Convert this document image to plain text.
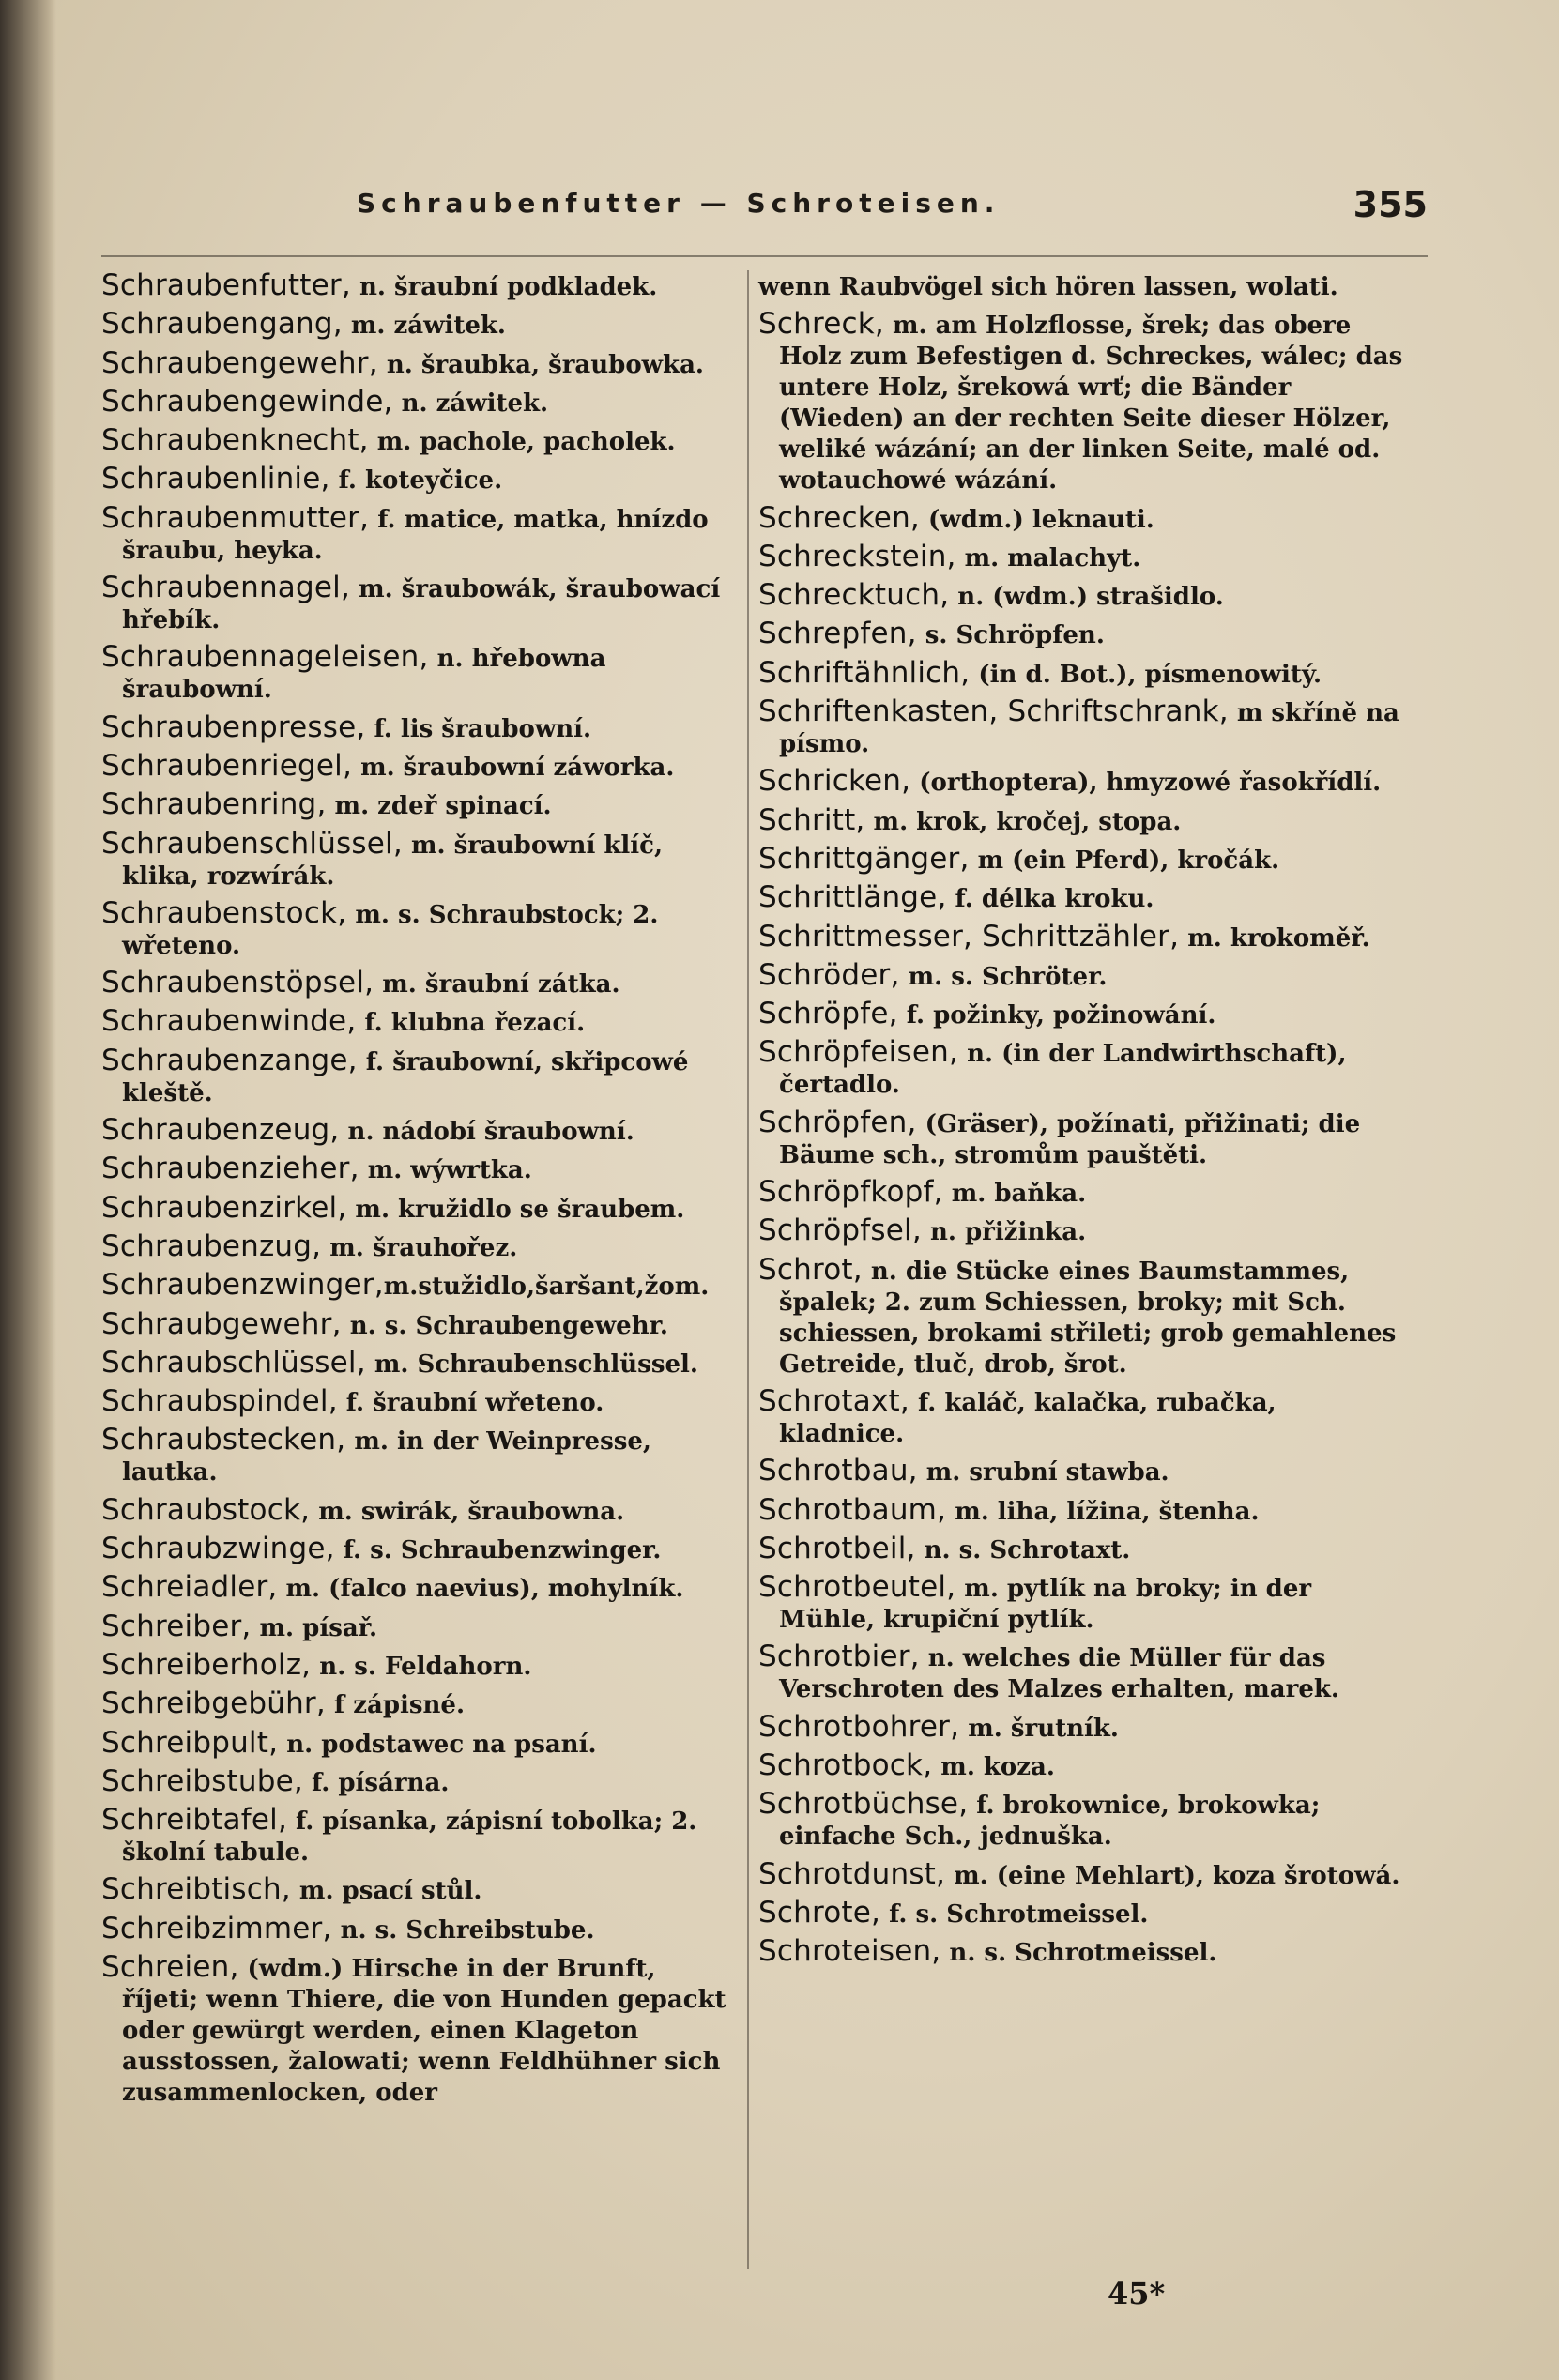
Schraubenfutter — Schroteisen.	355
Schraubenfutter, n. šraubní podkladek.
Schraubengang, m. záwitek.
Schraubengewehr, n. šraubka, šraubowka.
Schraubengewinde, n. záwitek.
Schraubenknecht, m. pachole, pacholek.
Schraubenlinie, f. koteyčice.
Schraubenmutter, f. matice, matka, hnízdo šraubu, heyka.
Schraubennagel, m. šraubowák, šraubowací hřebík.
Schraubennageleisen, n. hřebowna šraubowní.
Schraubenpresse, f. lis šraubowní.
Schraubenriegel, m. šraubowní záworka.
Schraubenring, m. zdeř spinací.
Schraubenschlüssel, m. šraubowní klíč, klika, rozwírák.
Schraubenstock, m. s. Schraubstock; 2. wřeteno.
Schraubenstöpsel, m. šraubní zátka.
Schraubenwinde, f. klubna řezací.
Schraubenzange, f. šraubowní, skřipcowé kleště.
Schraubenzeug, n. nádobí šraubowní.
Schraubenzieher, m. wýwrtka.
Schraubenzirkel, m. kružidlo se šraubem.
Schraubenzug, m. šrauhořez.
Schraubenzwinger,m.stužidlo,šaršant,žom.
Schraubgewehr, n. s. Schraubengewehr.
Schraubschlüssel, m. Schraubenschlüssel.
Schraubspindel, f. šraubní wřeteno.
Schraubstecken, m. in der Weinpresse, lautka.
Schraubstock, m. swirák, šraubowna.
Schraubzwinge, f. s. Schraubenzwinger.
Schreiadler, m. (falco naevius), mohylník.
Schreiber, m. písař.
Schreiberholz, n. s. Feldahorn.
Schreibgebühr, f zápisné.
Schreibpult, n. podstawec na psaní.
Schreibstube, f. písárna.
Schreibtafel, f. písanka, zápisní tobolka; 2. školní tabule.
Schreibtisch, m. psací stůl.
Schreibzimmer, n. s. Schreibstube.
Schreien, (wdm.) Hirsche in der Brunft, říjeti; wenn Thiere, die von Hunden gepackt oder gewürgt werden, einen Klageton ausstossen, žalowati; wenn Feldhühner sich zusammenlocken, oder
wenn Raubvögel sich hören lassen, wolati.
Schreck, m. am Holzflosse, šrek; das obere Holz zum Befestigen d. Schreckes, wálec; das untere Holz, šrekowá wrť; die Bänder (Wieden) an der rechten Seite dieser Hölzer, weliké wázání; an der linken Seite, malé od. wotauchowé wázání.
Schrecken, (wdm.) leknauti.
Schreckstein, m. malachyt.
Schrecktuch, n. (wdm.) strašidlo.
Schrepfen, s. Schröpfen.
Schriftähnlich, (in d. Bot.), písmenowitý.
Schriftenkasten, Schriftschrank, m skříně na písmo.
Schricken, (orthoptera), hmyzowé řasokřídlí.
Schritt, m. krok, kročej, stopa.
Schrittgänger, m (ein Pferd), kročák.
Schrittlänge, f. délka kroku.
Schrittmesser, Schrittzähler, m. krokoměř.
Schröder, m. s. Schröter.
Schröpfe, f. požinky, požinowání.
Schröpfeisen, n. (in der Landwirthschaft), čertadlo.
Schröpfen, (Gräser), požínati, přižinati; die Bäume sch., stromům pauštěti.
Schröpfkopf, m. baňka.
Schröpfsel, n. přižinka.
Schrot, n. die Stücke eines Baumstammes, špalek; 2. zum Schiessen, broky; mit Sch. schiessen, brokami střileti; grob gemahlenes Getreide, tluč, drob, šrot.
Schrotaxt, f. kaláč, kalačka, rubačka, kladnice.
Schrotbau, m. srubní stawba.
Schrotbaum, m. liha, lížina, štenha.
Schrotbeil, n. s. Schrotaxt.
Schrotbeutel, m. pytlík na broky; in der Mühle, krupiční pytlík.
Schrotbier, n. welches die Müller für das Verschroten des Malzes erhalten, marek.
Schrotbohrer, m. šrutník.
Schrotbock, m. koza.
Schrotbüchse, f. brokownice, brokowka; einfache Sch., jednuška.
Schrotdunst, m. (eine Mehlart), koza šrotowá.
Schrote, f. s. Schrotmeissel.
Schroteisen, n. s. Schrotmeissel.
45*
